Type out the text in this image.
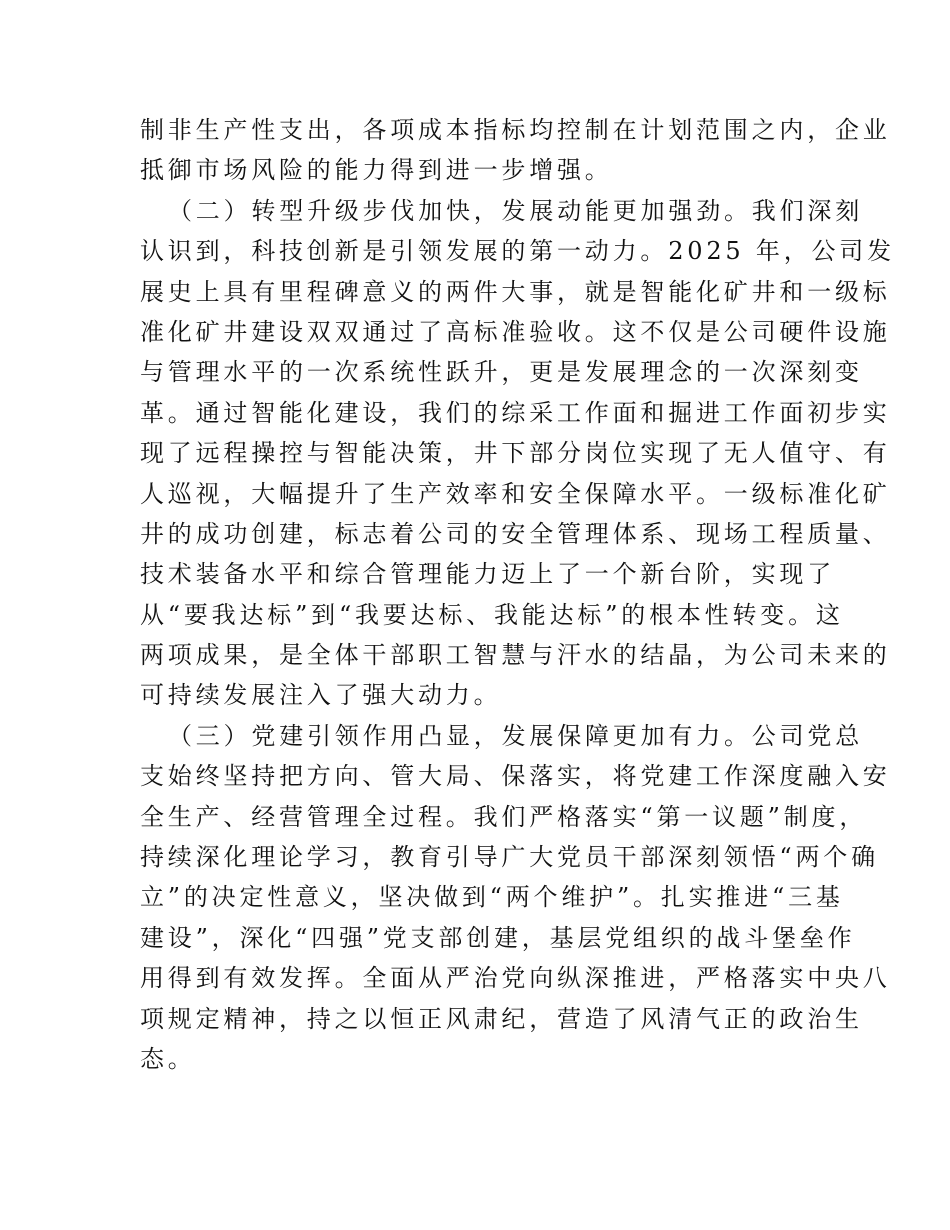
制非生产性支出，各项成本指标均控制在计划范围之内，企业
抵御市场风险的能力得到进一步增强。
（二）转型升级步伐加快，发展动能更加强劲。我们深刻
认识到，科技创新是引领发展的第一动力。2025 年，公司发
展史上具有里程碑意义的两件大事，就是智能化矿井和一级标
准化矿井建设双双通过了高标准验收。这不仅是公司硬件设施
与管理水平的一次系统性跃升，更是发展理念的一次深刻变
革。通过智能化建设，我们的综采工作面和掘进工作面初步实
现了远程操控与智能决策，井下部分岗位实现了无人值守、有
人巡视，大幅提升了生产效率和安全保障水平。一级标准化矿
井的成功创建，标志着公司的安全管理体系、现场工程质量、
技术装备水平和综合管理能力迈上了一个新台阶，实现了
从“要我达标”到“我要达标、我能达标”的根本性转变。这
两项成果，是全体干部职工智慧与汗水的结晶，为公司未来的
可持续发展注入了强大动力。
（三）党建引领作用凸显，发展保障更加有力。公司党总
支始终坚持把方向、管大局、保落实，将党建工作深度融入安
全生产、经营管理全过程。我们严格落实“第一议题”制度，
持续深化理论学习，教育引导广大党员干部深刻领悟“两个确
立”的决定性意义，坚决做到“两个维护”。扎实推进“三基
建设”，深化“四强”党支部创建，基层党组织的战斗堡垒作
用得到有效发挥。全面从严治党向纵深推进，严格落实中央八
项规定精神，持之以恒正风肃纪，营造了风清气正的政治生
态。
